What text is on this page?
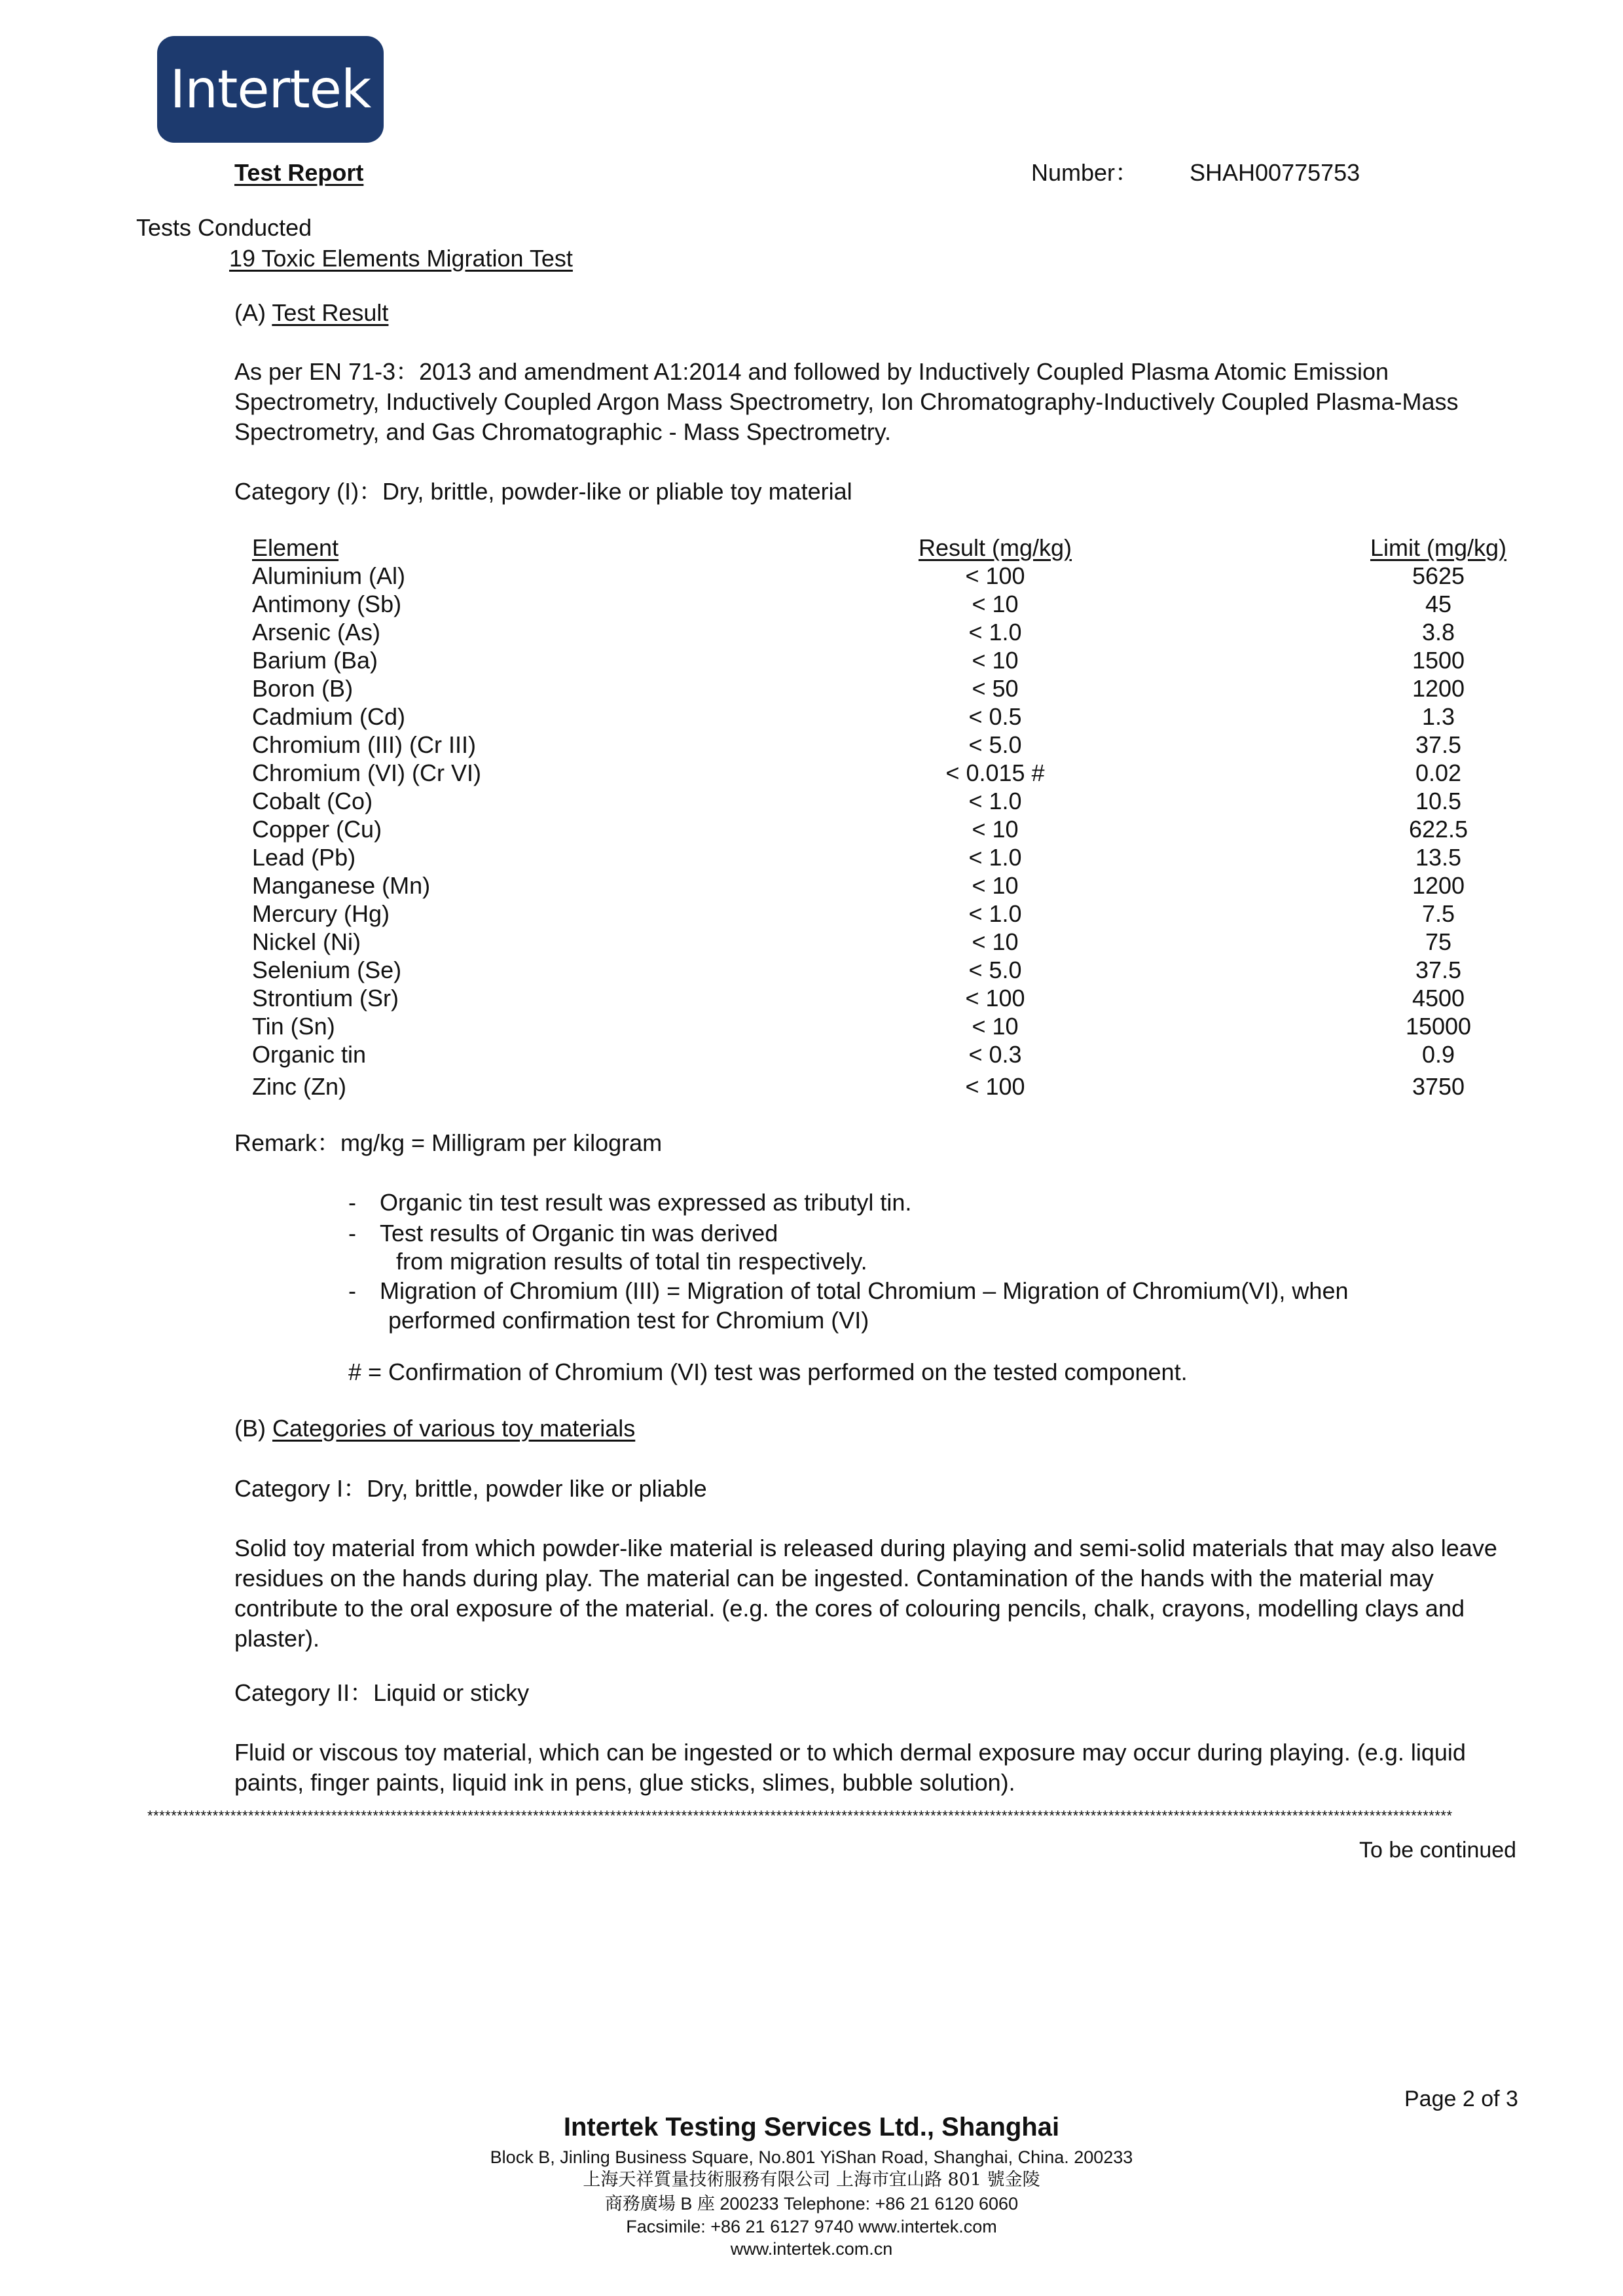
Intertek
Test Report	Number： SHAH00775753
Tests Conducted
19 Toxic Elements Migration Test
(A) Test Result
As per EN 71-3：2013 and amendment A1:2014 and followed by Inductively Coupled Plasma Atomic Emission Spectrometry, Inductively Coupled Argon Mass Spectrometry, Ion Chromatography-Inductively Coupled Plasma-Mass Spectrometry, and Gas Chromatographic - Mass Spectrometry.
Category (I)：Dry, brittle, powder-like or pliable toy material
Element	Result (mg/kg)	Limit (mg/kg)
Aluminium (Al)	< 100	5625
Antimony (Sb)	< 10	45
Arsenic (As)	< 1.0	3.8
Barium (Ba)	< 10	1500
Boron (B)	< 50	1200
Cadmium (Cd)	< 0.5	1.3
Chromium (III) (Cr III)	< 5.0	37.5
Chromium (VI) (Cr VI)	< 0.015 #	0.02
Cobalt (Co)	< 1.0	10.5
Copper (Cu)	< 10	622.5
Lead (Pb)	< 1.0	13.5
Manganese (Mn)	< 10	1200
Mercury (Hg)	< 1.0	7.5
Nickel (Ni)	< 10	75
Selenium (Se)	< 5.0	37.5
Strontium (Sr)	< 100	4500
Tin (Sn)	< 10	15000
Organic tin	< 0.3	0.9
Zinc (Zn)	< 100	3750
Remark：mg/kg = Milligram per kilogram
- Organic tin test result was expressed as tributyl tin.
- Test results of Organic tin was derived
from migration results of total tin respectively.
- Migration of Chromium (III) = Migration of total Chromium – Migration of Chromium(VI), when
performed confirmation test for Chromium (VI)
# = Confirmation of Chromium (VI) test was performed on the tested component.
(B) Categories of various toy materials
Category I：Dry, brittle, powder like or pliable
Solid toy material from which powder-like material is released during playing and semi-solid materials that may also leave residues on the hands during play. The material can be ingested. Contamination of the hands with the material may contribute to the oral exposure of the material. (e.g. the cores of colouring pencils, chalk, crayons, modelling clays and plaster).
Category II：Liquid or sticky
Fluid or viscous toy material, which can be ingested or to which dermal exposure may occur during playing. (e.g. liquid paints, finger paints, liquid ink in pens, glue sticks, slimes, bubble solution).
****************************************************************************************************************************************************************************************************************************
To be continued
Page 2 of 3
Intertek Testing Services Ltd., Shanghai
Block B, Jinling Business Square, No.801 YiShan Road, Shanghai, China. 200233
上海天祥質量技術服務有限公司 上海市宜山路 801 號金陵
商務廣場 B 座 200233 Telephone: +86 21 6120 6060
Facsimile: +86 21 6127 9740 www.intertek.com
www.intertek.com.cn
